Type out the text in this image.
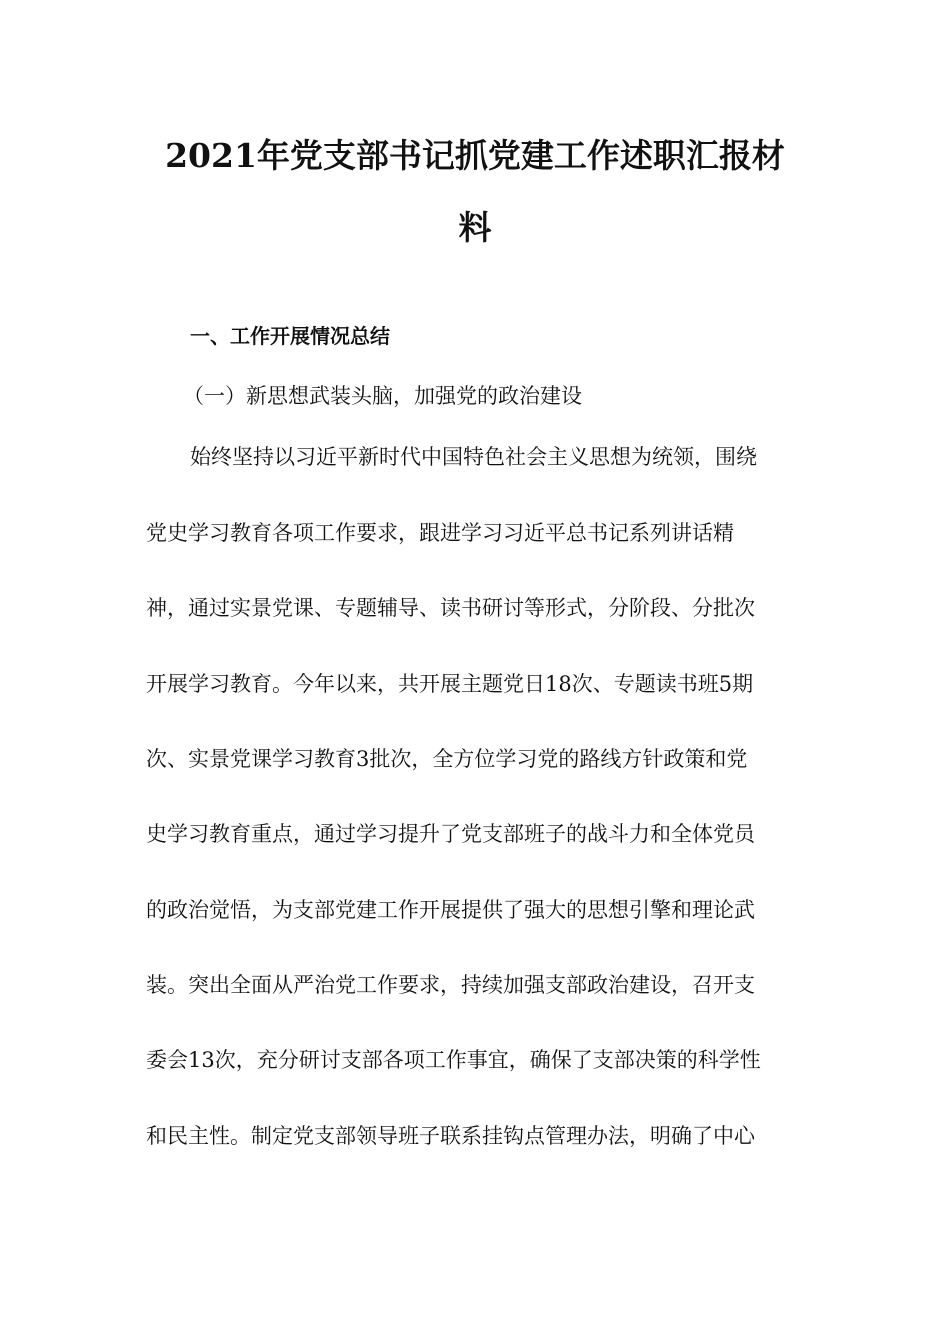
2021年党支部书记抓党建工作述职汇报材
料
一、工作开展情况总结
（一）新思想武装头脑，加强党的政治建设
始终坚持以习近平新时代中国特色社会主义思想为统领，围绕
党史学习教育各项工作要求，跟进学习习近平总书记系列讲话精
神，通过实景党课、专题辅导、读书研讨等形式，分阶段、分批次
开展学习教育。今年以来，共开展主题党日18次、专题读书班5期
次、实景党课学习教育3批次，全方位学习党的路线方针政策和党
史学习教育重点，通过学习提升了党支部班子的战斗力和全体党员
的政治觉悟，为支部党建工作开展提供了强大的思想引擎和理论武
装。突出全面从严治党工作要求，持续加强支部政治建设，召开支
委会13次，充分研讨支部各项工作事宜，确保了支部决策的科学性
和民主性。制定党支部领导班子联系挂钩点管理办法，明确了中心
